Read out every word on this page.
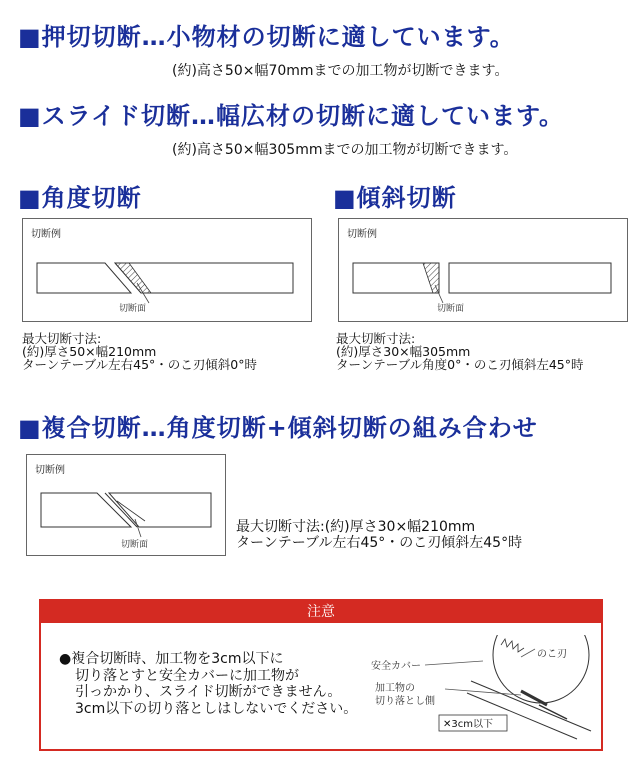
■押切切断…小物材の切断に適しています。
(約)高さ50×幅70mmまでの加工物が切断できます。
■スライド切断…幅広材の切断に適しています。
(約)高さ50×幅305mmまでの加工物が切断できます。
■角度切断
切断例
切断面
最大切断寸法:
(約)厚さ50×幅210mm
ターンテーブル左右45°・のこ刃傾斜0°時
■傾斜切断
切断例
切断面
最大切断寸法:
(約)厚さ30×幅305mm
ターンテーブル角度0°・のこ刃傾斜左45°時
■複合切断…角度切断+傾斜切断の組み合わせ
切断例
切断面
最大切断寸法:(約)厚さ30×幅210mm
ターンテーブル左右45°・のこ刃傾斜左45°時
注意
●複合切断時、加工物を3cm以下に
切り落とすと安全カバーに加工物が
引っかかり、スライド切断ができません。
3cm以下の切り落としはしないでください。
のこ刃
安全カバー
加工物の
切り落とし側
✕3cm以下
